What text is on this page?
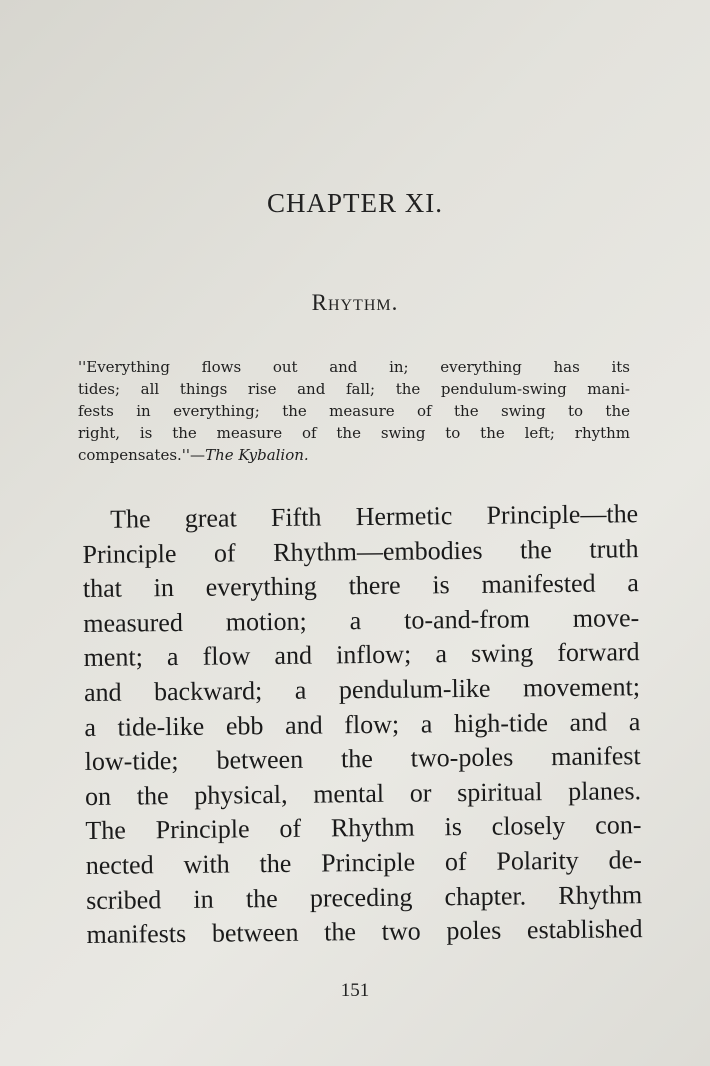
CHAPTER XI.
Rhythm.
''Everything flows out and in; everything has its
tides; all things rise and fall; the pendulum-swing mani-
fests in everything; the measure of the swing to the
right, is the measure of the swing to the left; rhythm
compensates.''—The Kybalion.
The great Fifth Hermetic Principle—the
Principle of Rhythm—embodies the truth
that in everything there is manifested a
measured motion; a to-and-from move-
ment; a flow and inflow; a swing forward
and backward; a pendulum-like movement;
a tide-like ebb and flow; a high-tide and a
low-tide; between the two-poles manifest
on the physical, mental or spiritual planes.
The Principle of Rhythm is closely con-
nected with the Principle of Polarity de-
scribed in the preceding chapter. Rhythm
manifests between the two poles established
151
